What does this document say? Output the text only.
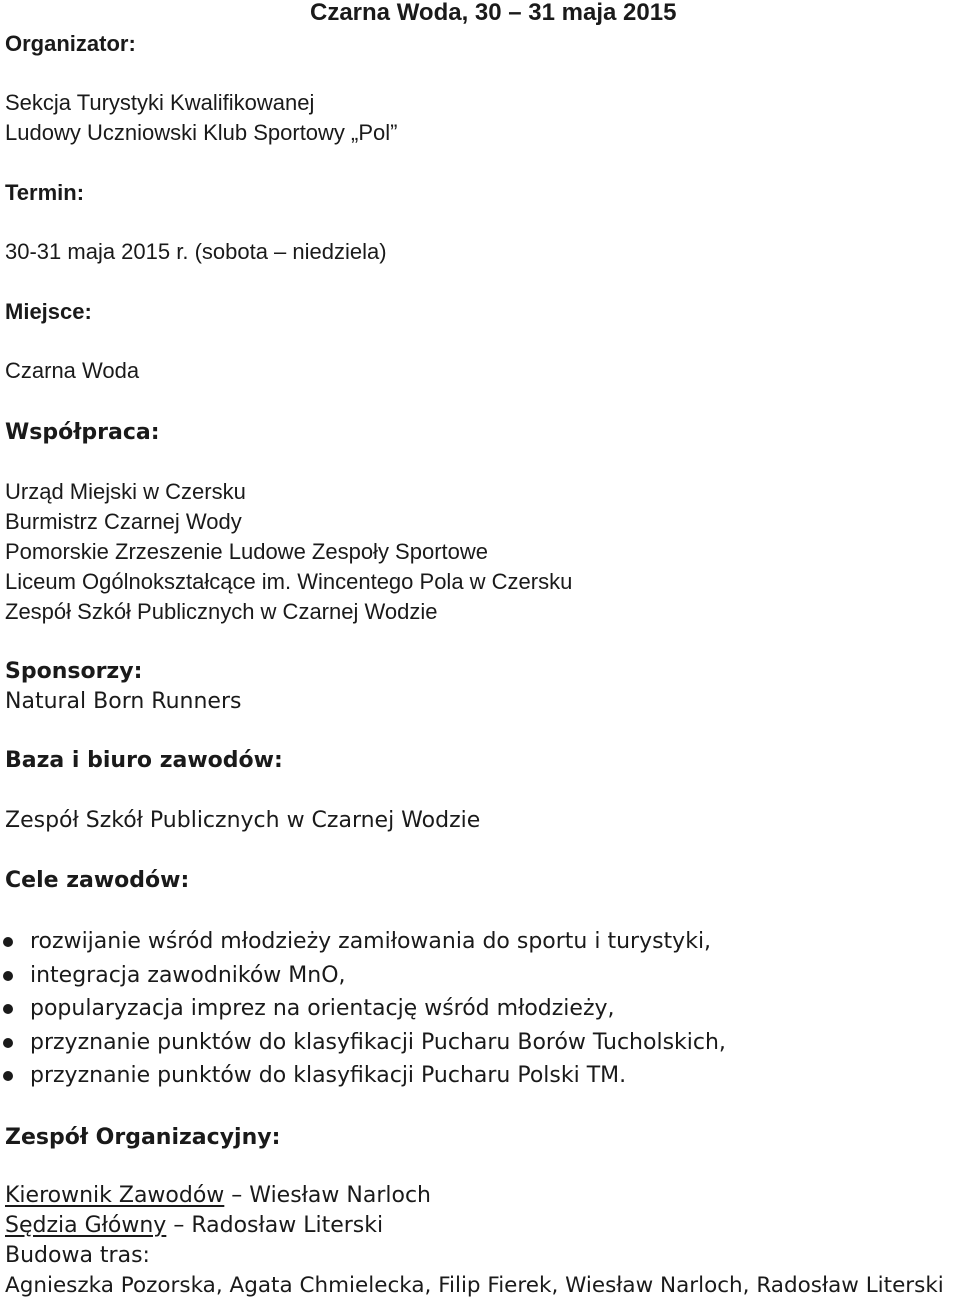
Czarna Woda, 30 – 31 maja 2015
Organizator:
Sekcja Turystyki Kwalifikowanej
Ludowy Uczniowski Klub Sportowy „Pol”
Termin:
30-31 maja 2015 r. (sobota – niedziela)
Miejsce:
Czarna Woda
Współpraca:
Urząd Miejski w Czersku
Burmistrz Czarnej Wody
Pomorskie Zrzeszenie Ludowe Zespoły Sportowe
Liceum Ogólnokształcące im. Wincentego Pola w Czersku
Zespół Szkół Publicznych w Czarnej Wodzie
Sponsorzy:
Natural Born Runners
Baza i biuro zawodów:
Zespół Szkół Publicznych w Czarnej Wodzie
Cele zawodów:
rozwijanie wśród młodzieży zamiłowania do sportu i turystyki,
integracja zawodników MnO,
popularyzacja imprez na orientację wśród młodzieży,
przyznanie punktów do klasyfikacji Pucharu Borów Tucholskich,
przyznanie punktów do klasyfikacji Pucharu Polski TM.
Zespół Organizacyjny:
Kierownik Zawodów – Wiesław Narloch
Sędzia Główny – Radosław Literski
Budowa tras:
Agnieszka Pozorska, Agata Chmielecka, Filip Fierek, Wiesław Narloch, Radosław Literski
